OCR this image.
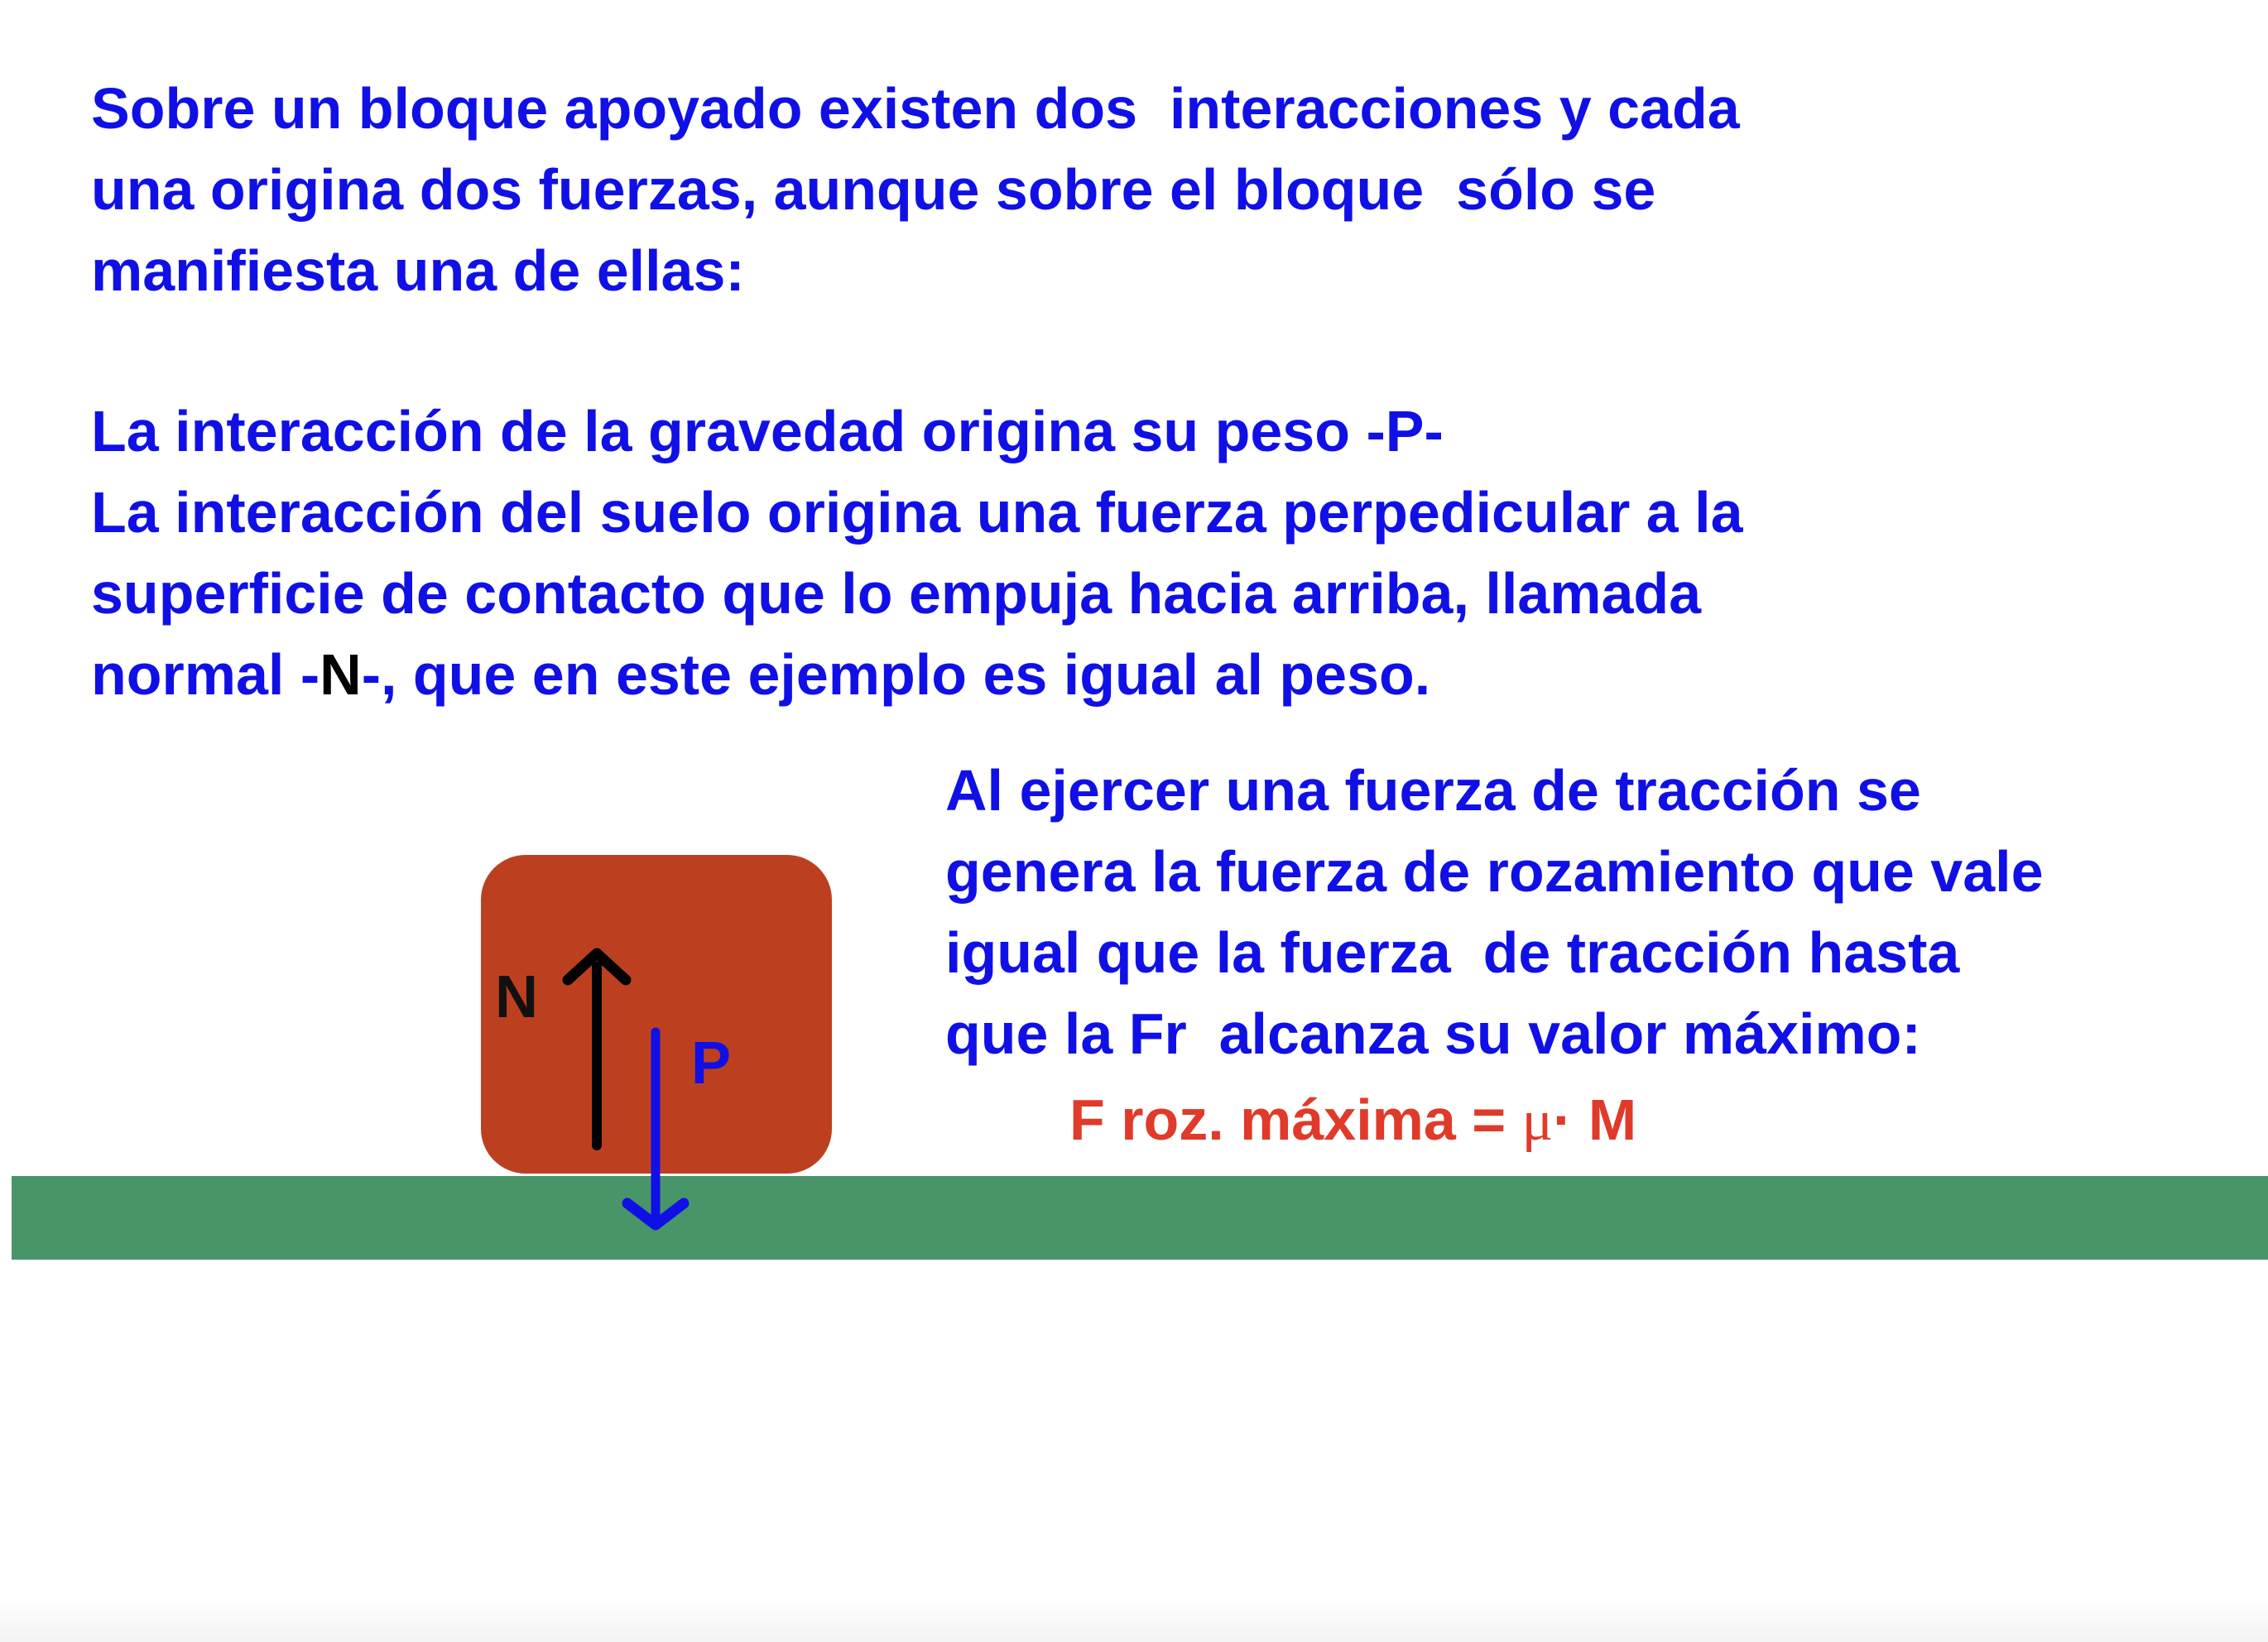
Sobre un bloque apoyado existen dos  interacciones y cada
una origina dos fuerzas, aunque sobre el bloque  sólo se
manifiesta una de ellas:
La interacción de la gravedad origina su peso -P-
La interacción del suelo origina una fuerza perpedicular a la
superficie de contacto que lo empuja hacia arriba, llamada
normal -N-, que en este ejemplo es igual al peso.
Al ejercer una fuerza de tracción se
genera la fuerza de rozamiento que vale
igual que la fuerza  de tracción hasta
que la Fr  alcanza su valor máximo:
F roz. máxima = μ· M
N
P
